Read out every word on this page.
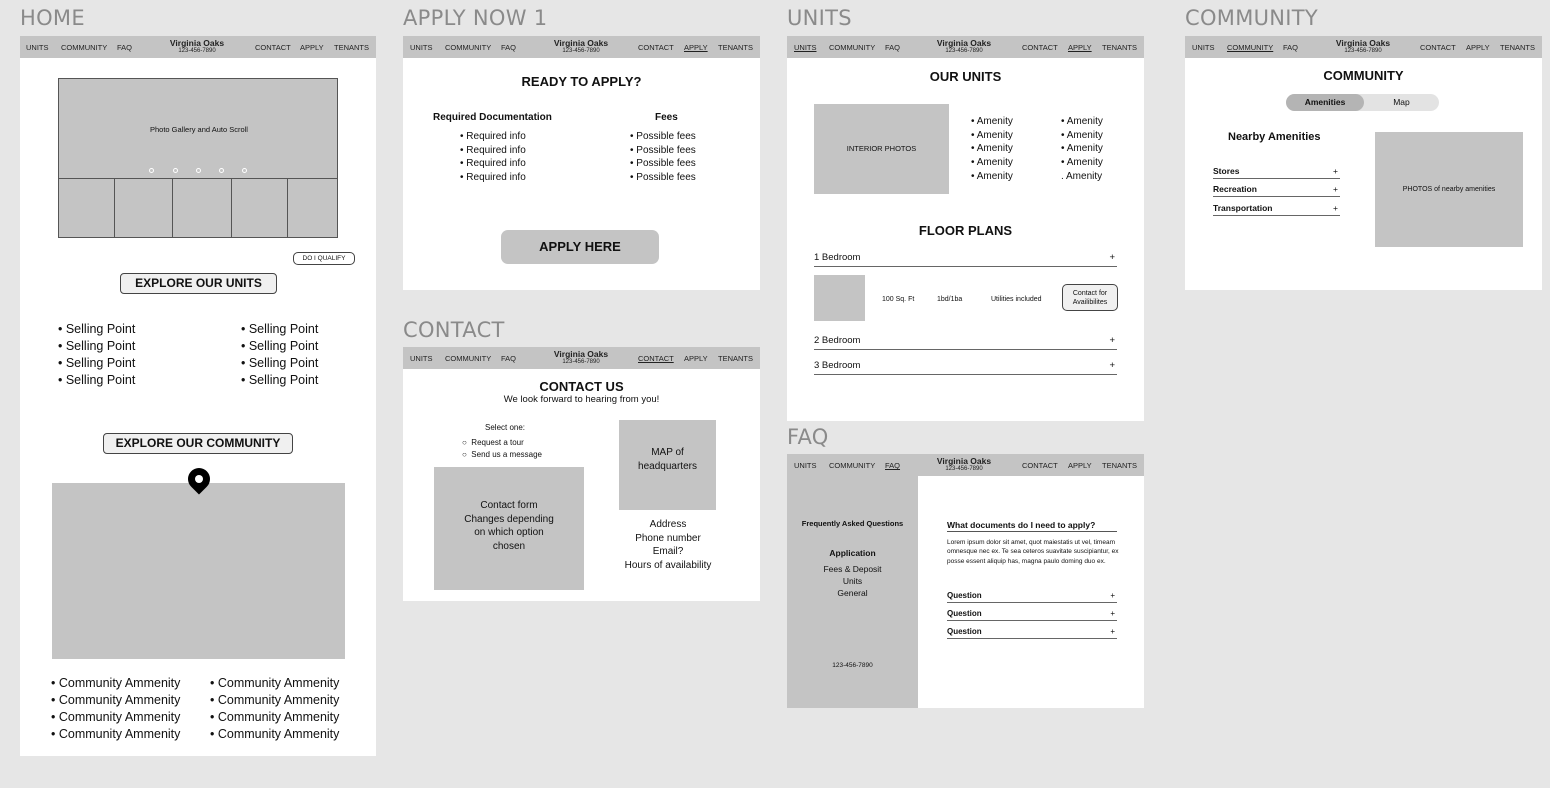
HOME
UNITS COMMUNITY FAQ	Virginia Oaks
123-456-7890	CONTACT APPLY TENANTS
Photo Gallery and Auto Scroll
DO I QUALIFY
EXPLORE OUR UNITS
• Selling Point
• Selling Point
• Selling Point
• Selling Point
• Selling Point
• Selling Point
• Selling Point
• Selling Point
EXPLORE OUR COMMUNITY
• Community Ammenity
• Community Ammenity
• Community Ammenity
• Community Ammenity
• Community Ammenity
• Community Ammenity
• Community Ammenity
• Community Ammenity
APPLY NOW 1
UNITS COMMUNITY FAQ	Virginia Oaks
123-456-7890	CONTACT APPLY TENANTS
READY TO APPLY?
Required Documentation
• Required info
• Required info
• Required info
• Required info
Fees
• Possible fees
• Possible fees
• Possible fees
• Possible fees
APPLY HERE
CONTACT
UNITS COMMUNITY FAQ	Virginia Oaks
123-456-7890	CONTACT APPLY TENANTS
CONTACT US
We look forward to hearing from you!
Select one:
○ Request a tour
○ Send us a message
Contact form
Changes depending
on which option
chosen
MAP of
headquarters
Address
Phone number
Email?
Hours of availability
UNITS
UNITS COMMUNITY FAQ	Virginia Oaks
123-456-7890	CONTACT APPLY TENANTS
OUR UNITS
INTERIOR PHOTOS
• Amenity
• Amenity
• Amenity
• Amenity
• Amenity
• Amenity
• Amenity
• Amenity
• Amenity
. Amenity
FLOOR PLANS
1 Bedroom	+
100 Sq. Ft	1bd/1ba	Utilities included
Contact for
Availibilites
2 Bedroom	+
3 Bedroom	+
FAQ
UNITS COMMUNITY FAQ	Virginia Oaks
123-456-7890	CONTACT APPLY TENANTS
Frequently Asked Questions
Application
Fees & Deposit
Units
General
123-456-7890
What documents do I need to apply?
Lorem ipsum dolor sit amet, quot maiestatis ut vel, timeam omnesque nec ex. Te sea ceteros suavitate suscipiantur, ex posse essent aliquip has, magna paulo doming duo ex.
Question	+
Question	+
Question	+
COMMUNITY
UNITS COMMUNITY FAQ	Virginia Oaks
123-456-7890	CONTACT APPLY TENANTS
COMMUNITY
Amenities	Map
Nearby Amenities
Stores	+
Recreation	+
Transportation	+
PHOTOS of nearby amenities
